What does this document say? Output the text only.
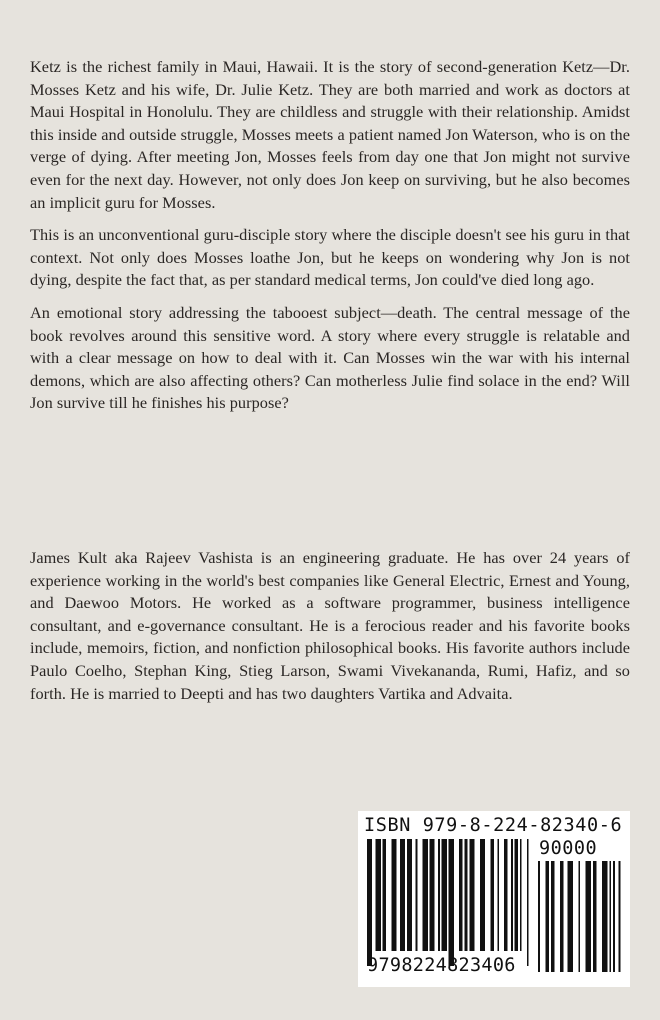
Ketz is the richest family in Maui, Hawaii. It is the story of second-generation Ketz—Dr. Mosses Ketz and his wife, Dr. Julie Ketz. They are both married and work as doctors at Maui Hospital in Honolulu. They are childless and struggle with their relationship. Amidst this inside and outside struggle, Mosses meets a patient named Jon Waterson, who is on the verge of dying. After meeting Jon, Mosses feels from day one that Jon might not survive even for the next day. However, not only does Jon keep on surviving, but he also becomes an implicit guru for Mosses.

This is an unconventional guru-disciple story where the disciple doesn't see his guru in that context. Not only does Mosses loathe Jon, but he keeps on wondering why Jon is not dying, despite the fact that, as per standard medical terms, Jon could've died long ago.

An emotional story addressing the tabooest subject—death. The central message of the book revolves around this sensitive word. A story where every struggle is relatable and with a clear message on how to deal with it. Can Mosses win the war with his internal demons, which are also affecting others? Can motherless Julie find solace in the end? Will Jon survive till he finishes his purpose?

James Kult aka Rajeev Vashista is an engineering graduate. He has over 24 years of experience working in the world's best companies like General Electric, Ernest and Young, and Daewoo Motors. He worked as a software programmer, business intelligence consultant, and e-governance consultant. He is a ferocious reader and his favorite books include, memoirs, fiction, and nonfiction philosophical books. His favorite authors include Paulo Coelho, Stephan King, Stieg Larson, Swami Vivekananda, Rumi, Hafiz, and so forth. He is married to Deepti and has two daughters Vartika and Advaita.

ISBN 979-8-224-82340-6
90000
9798224823406
